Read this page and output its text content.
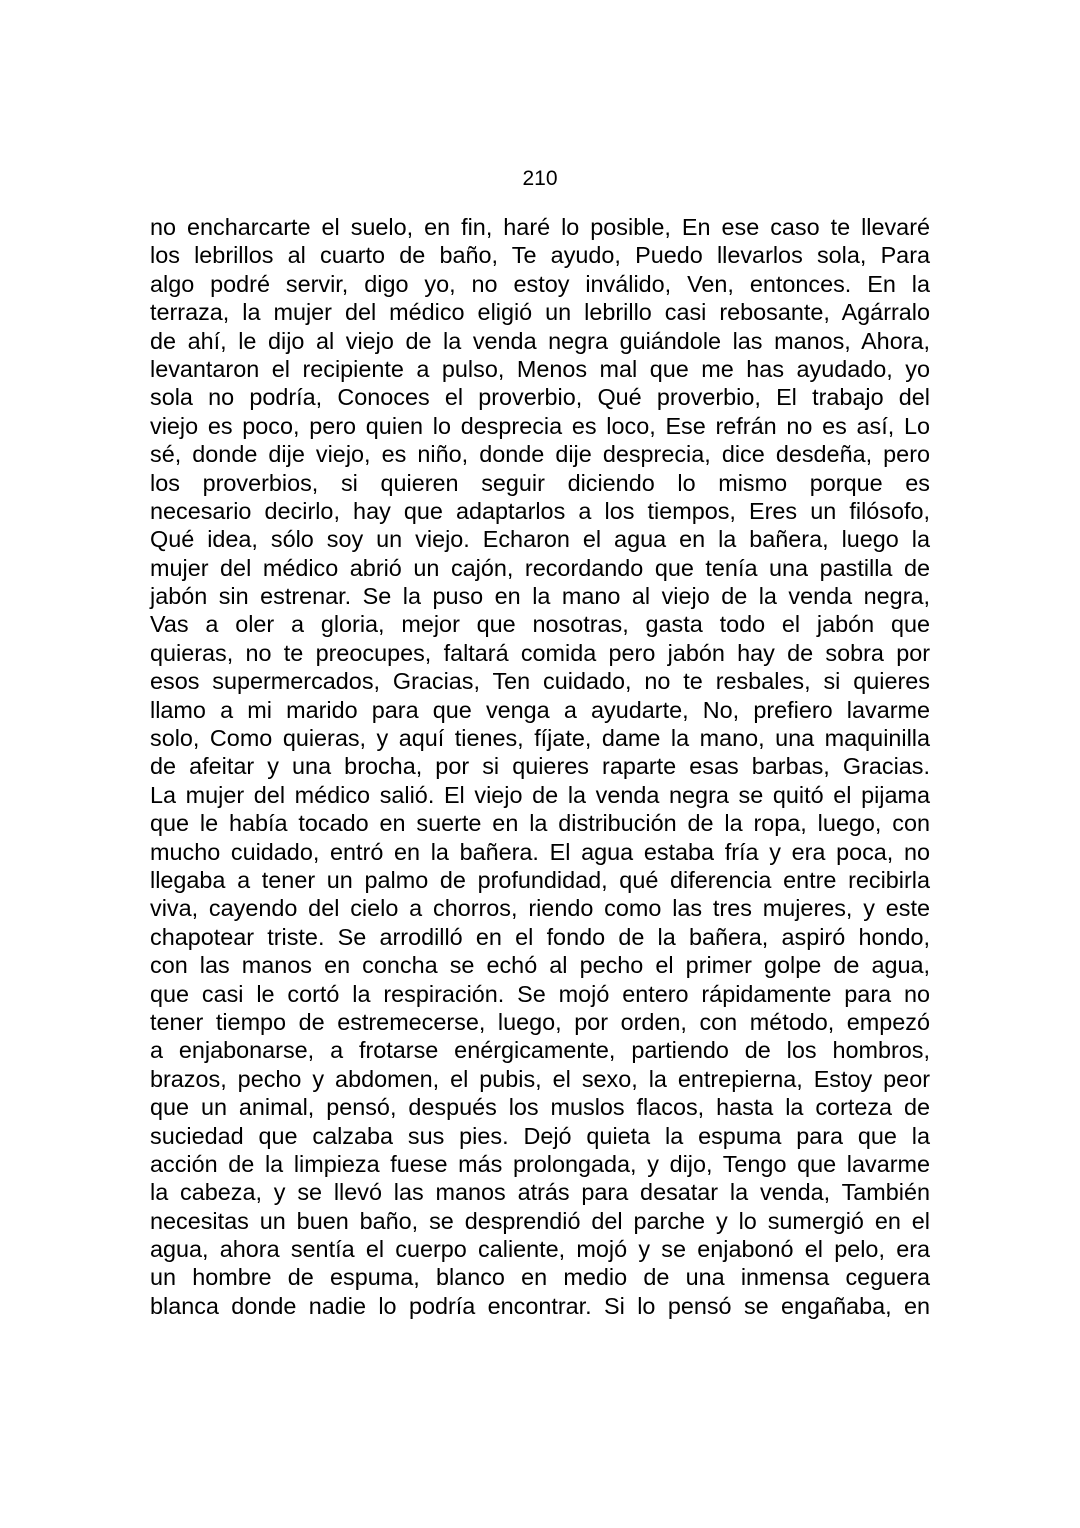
210
no encharcarte el suelo, en fin, haré lo posible, En ese caso te llevaré
los lebrillos al cuarto de baño, Te ayudo, Puedo llevarlos sola, Para
algo podré servir, digo yo, no estoy inválido, Ven, entonces. En la
terraza, la mujer del médico eligió un lebrillo casi rebosante, Agárralo
de ahí, le dijo al viejo de la venda negra guiándole las manos, Ahora,
levantaron el recipiente a pulso, Menos mal que me has ayudado, yo
sola no podría, Conoces el proverbio, Qué proverbio, El trabajo del
viejo es poco, pero quien lo desprecia es loco, Ese refrán no es así, Lo
sé, donde dije viejo, es niño, donde dije desprecia, dice desdeña, pero
los proverbios, si quieren seguir diciendo lo mismo porque es
necesario decirlo, hay que adaptarlos a los tiempos, Eres un filósofo,
Qué idea, sólo soy un viejo. Echaron el agua en la bañera, luego la
mujer del médico abrió un cajón, recordando que tenía una pastilla de
jabón sin estrenar. Se la puso en la mano al viejo de la venda negra,
Vas a oler a gloria, mejor que nosotras, gasta todo el jabón que
quieras, no te preocupes, faltará comida pero jabón hay de sobra por
esos supermercados, Gracias, Ten cuidado, no te resbales, si quieres
llamo a mi marido para que venga a ayudarte, No, prefiero lavarme
solo, Como quieras, y aquí tienes, fíjate, dame la mano, una maquinilla
de afeitar y una brocha, por si quieres raparte esas barbas, Gracias.
La mujer del médico salió. El viejo de la venda negra se quitó el pijama
que le había tocado en suerte en la distribución de la ropa, luego, con
mucho cuidado, entró en la bañera. El agua estaba fría y era poca, no
llegaba a tener un palmo de profundidad, qué diferencia entre recibirla
viva, cayendo del cielo a chorros, riendo como las tres mujeres, y este
chapotear triste. Se arrodilló en el fondo de la bañera, aspiró hondo,
con las manos en concha se echó al pecho el primer golpe de agua,
que casi le cortó la respiración. Se mojó entero rápidamente para no
tener tiempo de estremecerse, luego, por orden, con método, empezó
a enjabonarse, a frotarse enérgicamente, partiendo de los hombros,
brazos, pecho y abdomen, el pubis, el sexo, la entrepierna, Estoy peor
que un animal, pensó, después los muslos flacos, hasta la corteza de
suciedad que calzaba sus pies. Dejó quieta la espuma para que la
acción de la limpieza fuese más prolongada, y dijo, Tengo que lavarme
la cabeza, y se llevó las manos atrás para desatar la venda, También
necesitas un buen baño, se desprendió del parche y lo sumergió en el
agua, ahora sentía el cuerpo caliente, mojó y se enjabonó el pelo, era
un hombre de espuma, blanco en medio de una inmensa ceguera
blanca donde nadie lo podría encontrar. Si lo pensó se engañaba, en
